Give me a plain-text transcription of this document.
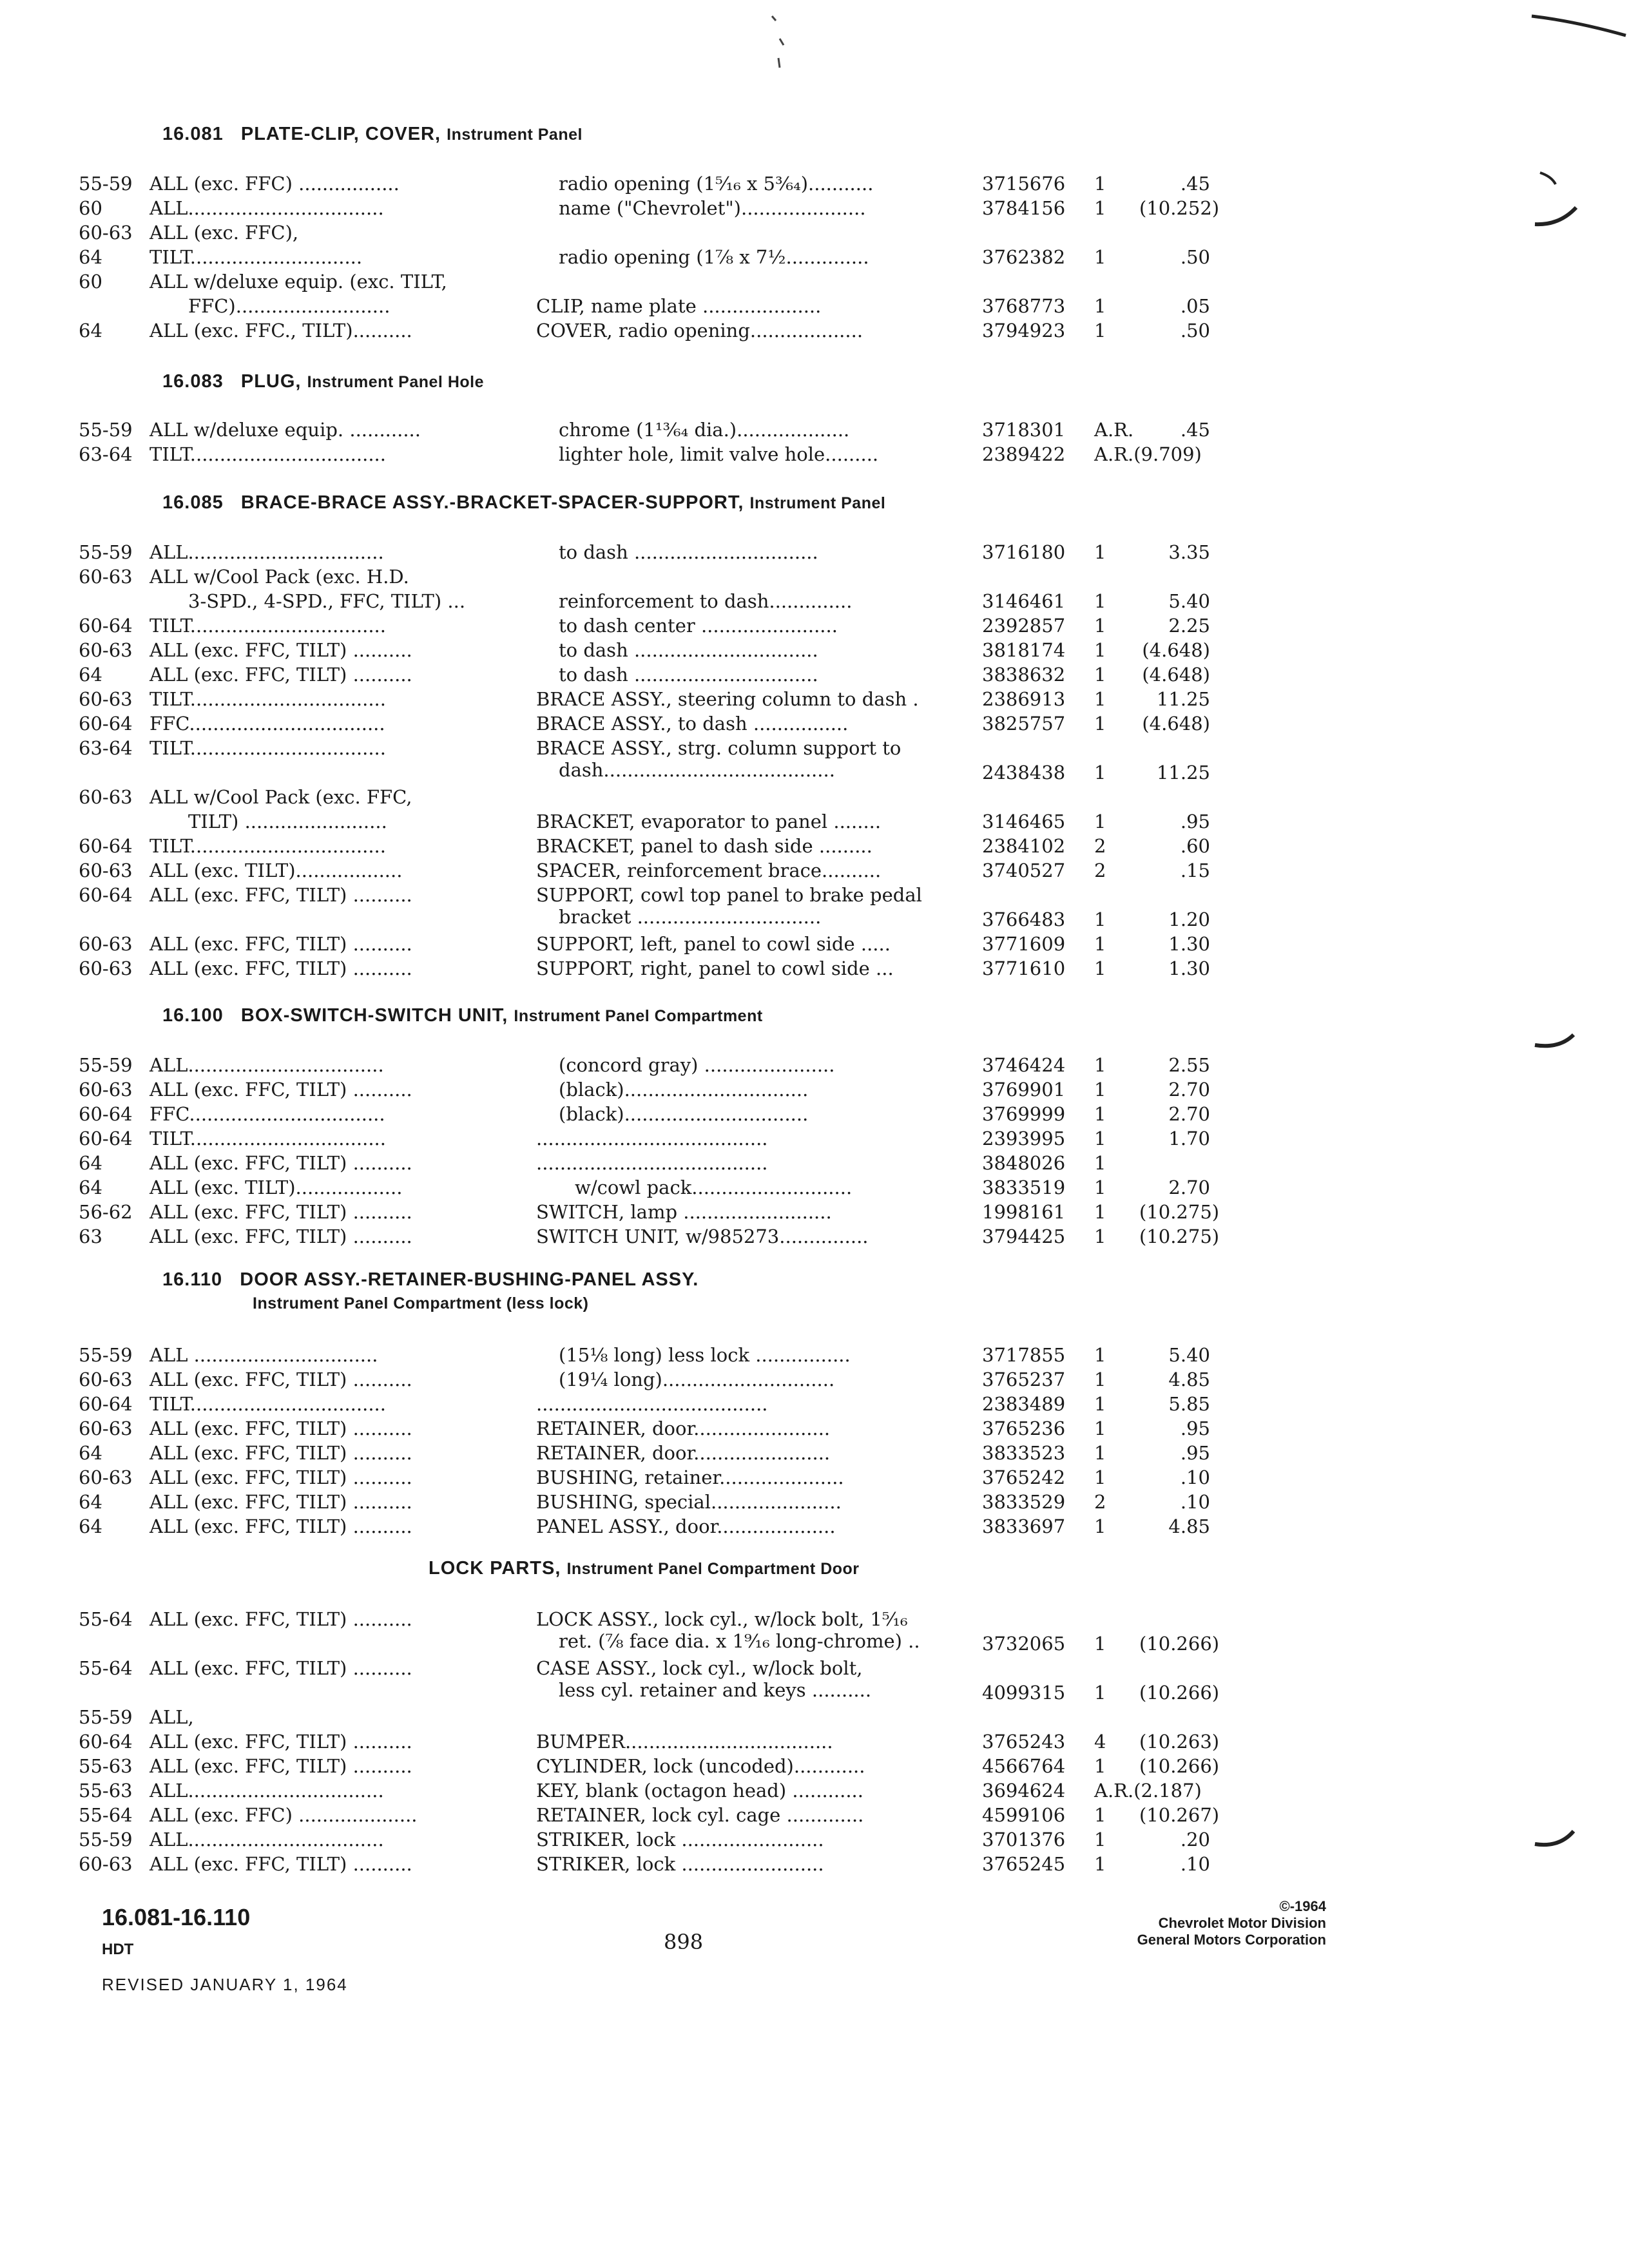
16.081 PLATE-CLIP, COVER, Instrument Panel
55-59 ALL (exc. FFC) .................	radio opening (1⁵⁄₁₆ x 5³⁄₆₄)...........	3715676	1	.45
60	ALL.................................	name ("Chevrolet").....................	3784156	1	(10.252)
60-63 ALL (exc. FFC),
64	TILT.............................	radio opening (1⅞ x 7½..............	3762382	1	.50
60	ALL w/deluxe equip. (exc. TILT,
FFC)..........................	CLIP, name plate ....................	3768773	1	.05
64	ALL (exc. FFC., TILT)..........	COVER, radio opening...................	3794923	1	.50
16.083 PLUG, Instrument Panel Hole
55-59 ALL w/deluxe equip. ............	chrome (1¹³⁄₆₄ dia.)...................	3718301	A.R.	.45
63-64 TILT.................................	lighter hole, limit valve hole.........	2389422	A.R.(9.709)
16.085 BRACE-BRACE ASSY.-BRACKET-SPACER-SUPPORT, Instrument Panel
55-59 ALL.................................	to dash ...............................	3716180	1	3.35
60-63 ALL w/Cool Pack (exc. H.D.
3-SPD., 4-SPD., FFC, TILT) ...	reinforcement to dash..............	3146461	1	5.40
60-64 TILT.................................	to dash center .......................	2392857	1	2.25
60-63 ALL (exc. FFC, TILT) ..........	to dash ...............................	3818174	1	(4.648)
64	ALL (exc. FFC, TILT) ..........	to dash ...............................	3838632	1	(4.648)
60-63 TILT.................................	BRACE ASSY., steering column to dash .	2386913	1	11.25
60-64 FFC.................................	BRACE ASSY., to dash ................	3825757	1	(4.648)
63-64 TILT.................................	BRACE ASSY., strg. column support to
dash.......................................	2438438	1	11.25
60-63 ALL w/Cool Pack (exc. FFC,
TILT) ........................	BRACKET, evaporator to panel ........	3146465	1	.95
60-64 TILT.................................	BRACKET, panel to dash side .........	2384102	2	.60
60-63 ALL (exc. TILT)..................	SPACER, reinforcement brace..........	3740527	2	.15
60-64 ALL (exc. FFC, TILT) ..........	SUPPORT, cowl top panel to brake pedal
bracket ...............................	3766483	1	1.20
60-63 ALL (exc. FFC, TILT) ..........	SUPPORT, left, panel to cowl side .....	3771609	1	1.30
60-63 ALL (exc. FFC, TILT) ..........	SUPPORT, right, panel to cowl side ...	3771610	1	1.30
16.100 BOX-SWITCH-SWITCH UNIT, Instrument Panel Compartment
55-59 ALL.................................	(concord gray) ......................	3746424	1	2.55
60-63 ALL (exc. FFC, TILT) ..........	(black)...............................	3769901	1	2.70
60-64 FFC.................................	(black)...............................	3769999	1	2.70
60-64 TILT.................................	.......................................	2393995	1	1.70
64	ALL (exc. FFC, TILT) ..........	.......................................	3848026	1
64	ALL (exc. TILT)..................	w/cowl pack...........................	3833519	1	2.70
56-62 ALL (exc. FFC, TILT) ..........	SWITCH, lamp .........................	1998161	1	(10.275)
63	ALL (exc. FFC, TILT) ..........	SWITCH UNIT, w/985273...............	3794425	1	(10.275)
16.110 DOOR ASSY.-RETAINER-BUSHING-PANEL ASSY.
Instrument Panel Compartment (less lock)
55-59 ALL ...............................	(15⅛ long) less lock ................	3717855	1	5.40
60-63 ALL (exc. FFC, TILT) ..........	(19¼ long).............................	3765237	1	4.85
60-64 TILT.................................	.......................................	2383489	1	5.85
60-63 ALL (exc. FFC, TILT) ..........	RETAINER, door.......................	3765236	1	.95
64	ALL (exc. FFC, TILT) ..........	RETAINER, door.......................	3833523	1	.95
60-63 ALL (exc. FFC, TILT) ..........	BUSHING, retainer.....................	3765242	1	.10
64	ALL (exc. FFC, TILT) ..........	BUSHING, special......................	3833529	2	.10
64	ALL (exc. FFC, TILT) ..........	PANEL ASSY., door....................	3833697	1	4.85
LOCK PARTS, Instrument Panel Compartment Door
55-64 ALL (exc. FFC, TILT) ..........	LOCK ASSY., lock cyl., w/lock bolt, 1⁵⁄₁₆
ret. (⅞ face dia. x 1⁹⁄₁₆ long-chrome) ..	3732065	1	(10.266)
55-64 ALL (exc. FFC, TILT) ..........	CASE ASSY., lock cyl., w/lock bolt,
less cyl. retainer and keys ..........	4099315	1	(10.266)
55-59 ALL,
60-64 ALL (exc. FFC, TILT) ..........	BUMPER...................................	3765243	4	(10.263)
55-63 ALL (exc. FFC, TILT) ..........	CYLINDER, lock (uncoded)............	4566764	1	(10.266)
55-63 ALL.................................	KEY, blank (octagon head) ............	3694624	A.R.(2.187)
55-64 ALL (exc. FFC) ....................	RETAINER, lock cyl. cage .............	4599106	1	(10.267)
55-59 ALL.................................	STRIKER, lock ........................	3701376	1	.20
60-63 ALL (exc. FFC, TILT) ..........	STRIKER, lock ........................	3765245	1	.10
16.081-16.110
HDT
REVISED JANUARY 1, 1964
898
©-1964
Chevrolet Motor Division
General Motors Corporation
